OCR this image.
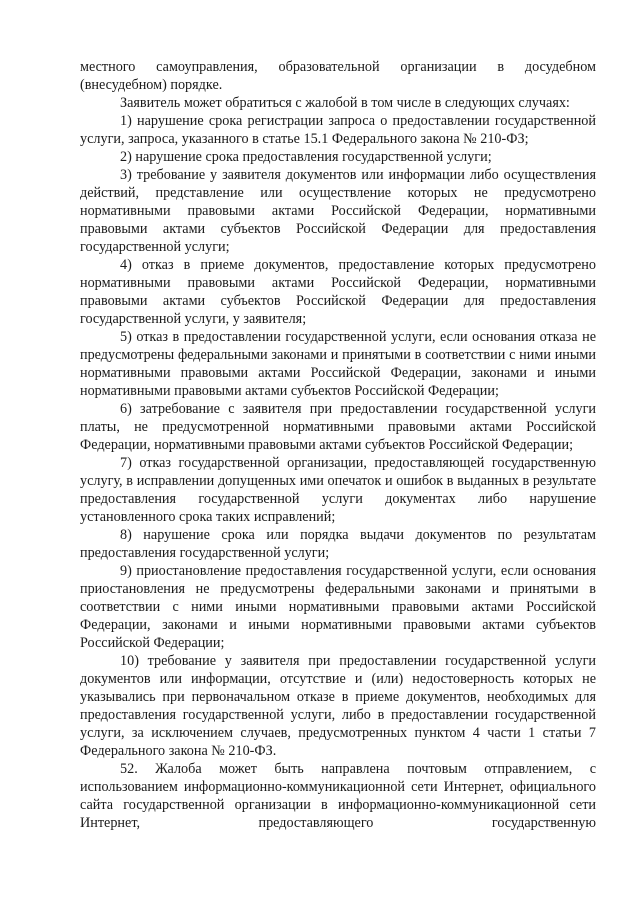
местного самоуправления, образовательной организации в досудебном (внесудебном) порядке.

Заявитель может обратиться с жалобой в том числе в следующих случаях:

1) нарушение срока регистрации запроса о предоставлении государственной услуги, запроса, указанного в статье 15.1 Федерального закона № 210-ФЗ;

2) нарушение срока предоставления государственной услуги;

3) требование у заявителя документов или информации либо осуществления действий, представление или осуществление которых не предусмотрено нормативными правовыми актами Российской Федерации, нормативными правовыми актами субъектов Российской Федерации для предоставления государственной услуги;

4) отказ в приеме документов, предоставление которых предусмотрено нормативными правовыми актами Российской Федерации, нормативными правовыми актами субъектов Российской Федерации для предоставления государственной услуги, у заявителя;

5) отказ в предоставлении государственной услуги, если основания отказа не предусмотрены федеральными законами и принятыми в соответствии с ними иными нормативными правовыми актами Российской Федерации, законами и иными нормативными правовыми актами субъектов Российской Федерации;

6) затребование с заявителя при предоставлении государственной услуги платы, не предусмотренной нормативными правовыми актами Российской Федерации, нормативными правовыми актами субъектов Российской Федерации;

7) отказ государственной организации, предоставляющей государственную услугу, в исправлении допущенных ими опечаток и ошибок в выданных в результате предоставления государственной услуги документах либо нарушение установленного срока таких исправлений;

8) нарушение срока или порядка выдачи документов по результатам предоставления государственной услуги;

9) приостановление предоставления государственной услуги, если основания приостановления не предусмотрены федеральными законами и принятыми в соответствии с ними иными нормативными правовыми актами Российской Федерации, законами и иными нормативными правовыми актами субъектов Российской Федерации;

10) требование у заявителя при предоставлении государственной услуги документов или информации, отсутствие и (или) недостоверность которых не указывались при первоначальном отказе в приеме документов, необходимых для предоставления государственной услуги, либо в предоставлении государственной услуги, за исключением случаев, предусмотренных пунктом 4 части 1 статьи 7 Федерального закона № 210-ФЗ.

52. Жалоба может быть направлена почтовым отправлением, с использованием информационно-коммуникационной сети Интернет, официального сайта государственной организации в информационно-коммуникационной сети Интернет, предоставляющего государственную
